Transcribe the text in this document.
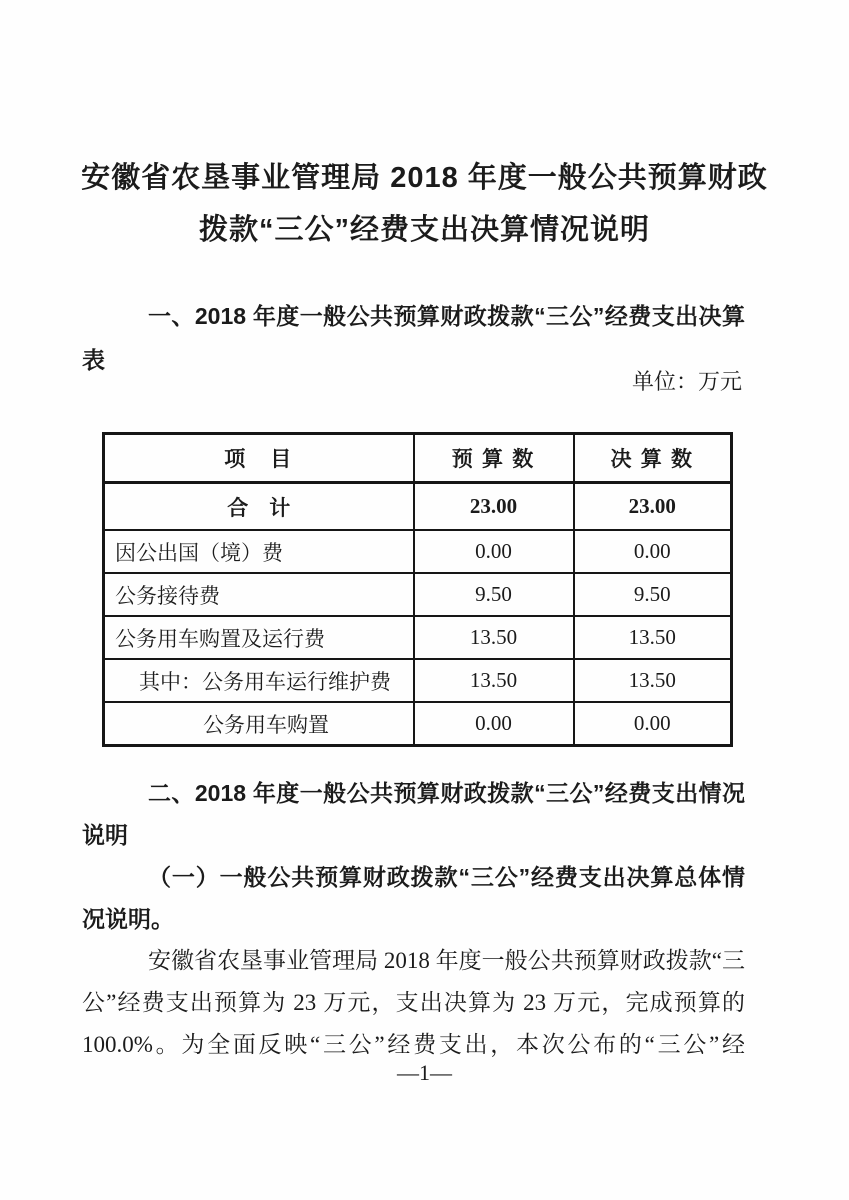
安徽省农垦事业管理局 2018 年度一般公共预算财政
拨款“三公”经费支出决算情况说明
一、2018 年度一般公共预算财政拨款“三公”经费支出决算
表
单位：万元
项　目	预 算 数	决 算 数
合　计	23.00	23.00
因公出国（境）费	0.00	0.00
公务接待费	9.50	9.50
公务用车购置及运行费	13.50	13.50
其中：公务用车运行维护费	13.50	13.50
公务用车购置	0.00	0.00
二、2018 年度一般公共预算财政拨款“三公”经费支出情况
说明
（一）一般公共预算财政拨款“三公”经费支出决算总体情
况说明。
安徽省农垦事业管理局 2018 年度一般公共预算财政拨款“三
公”经费支出预算为 23 万元，支出决算为 23 万元，完成预算的
100.0%。为全面反映“三公”经费支出，本次公布的“三公”经
—1—
